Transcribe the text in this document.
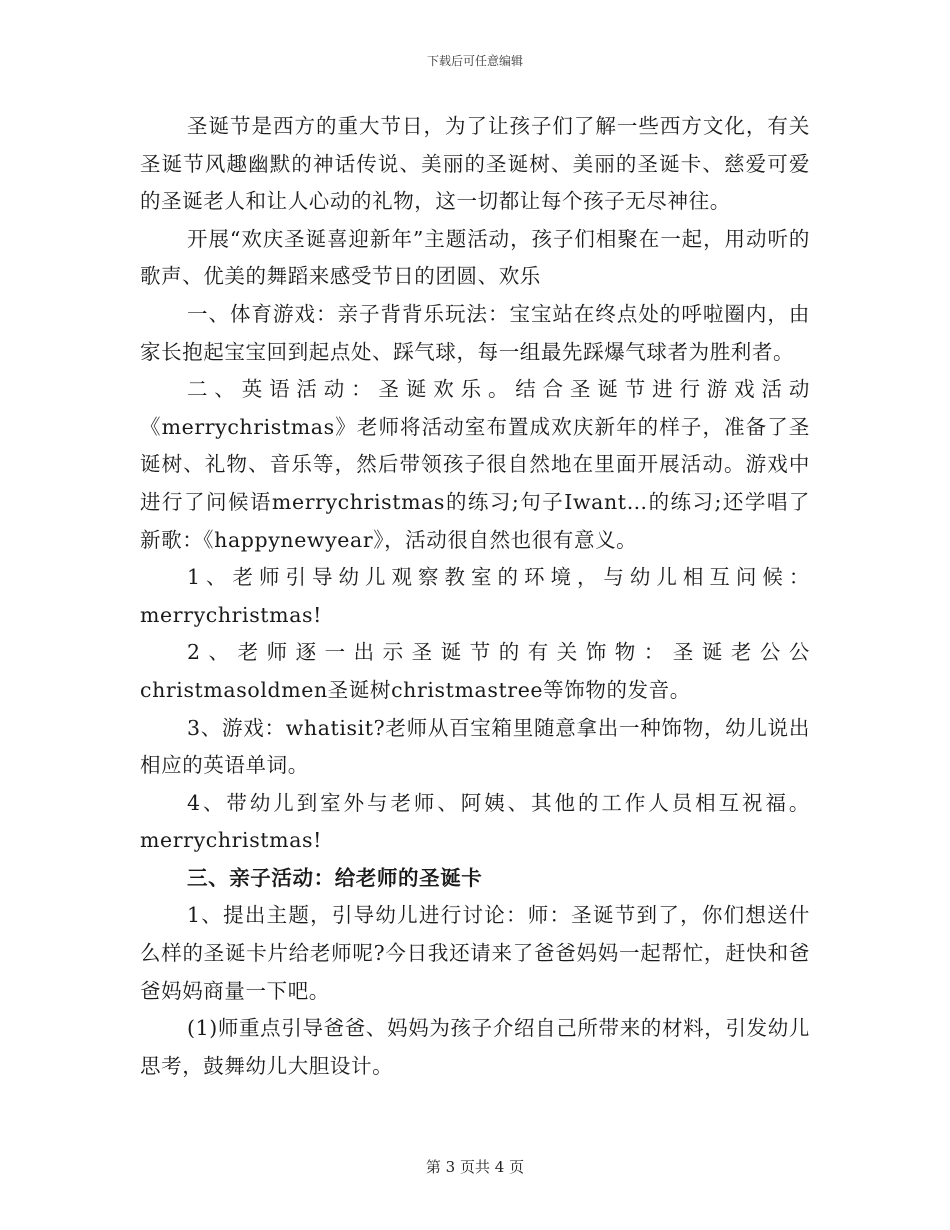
下载后可任意编辑

圣诞节是西方的重大节日，为了让孩子们了解一些西方文化，有关圣诞节风趣幽默的神话传说、美丽的圣诞树、美丽的圣诞卡、慈爱可爱的圣诞老人和让人心动的礼物，这一切都让每个孩子无尽神往。

开展“欢庆圣诞喜迎新年”主题活动，孩子们相聚在一起，用动听的歌声、优美的舞蹈来感受节日的团圆、欢乐

一、体育游戏：亲子背背乐玩法：宝宝站在终点处的呼啦圈内，由家长抱起宝宝回到起点处、踩气球，每一组最先踩爆气球者为胜利者。

二、英语活动：圣诞欢乐。结合圣诞节进行游戏活动《merrychristmas》老师将活动室布置成欢庆新年的样子，准备了圣诞树、礼物、音乐等，然后带领孩子很自然地在里面开展活动。游戏中进行了问候语merrychristmas的练习;句子Iwant…的练习;还学唱了新歌：《happynewyear》，活动很自然也很有意义。

1、老师引导幼儿观察教室的环境，与幼儿相互问候：merrychristmas!

2、老师逐一出示圣诞节的有关饰物：圣诞老公公christmasoldmen圣诞树christmastree等饰物的发音。

3、游戏：whatisit?老师从百宝箱里随意拿出一种饰物，幼儿说出相应的英语单词。

4、带幼儿到室外与老师、阿姨、其他的工作人员相互祝福。merrychristmas!

三、亲子活动：给老师的圣诞卡

1、提出主题，引导幼儿进行讨论：师：圣诞节到了，你们想送什么样的圣诞卡片给老师呢?今日我还请来了爸爸妈妈一起帮忙，赶快和爸爸妈妈商量一下吧。

(1)师重点引导爸爸、妈妈为孩子介绍自己所带来的材料，引发幼儿思考，鼓舞幼儿大胆设计。

第 3 页共 4 页
